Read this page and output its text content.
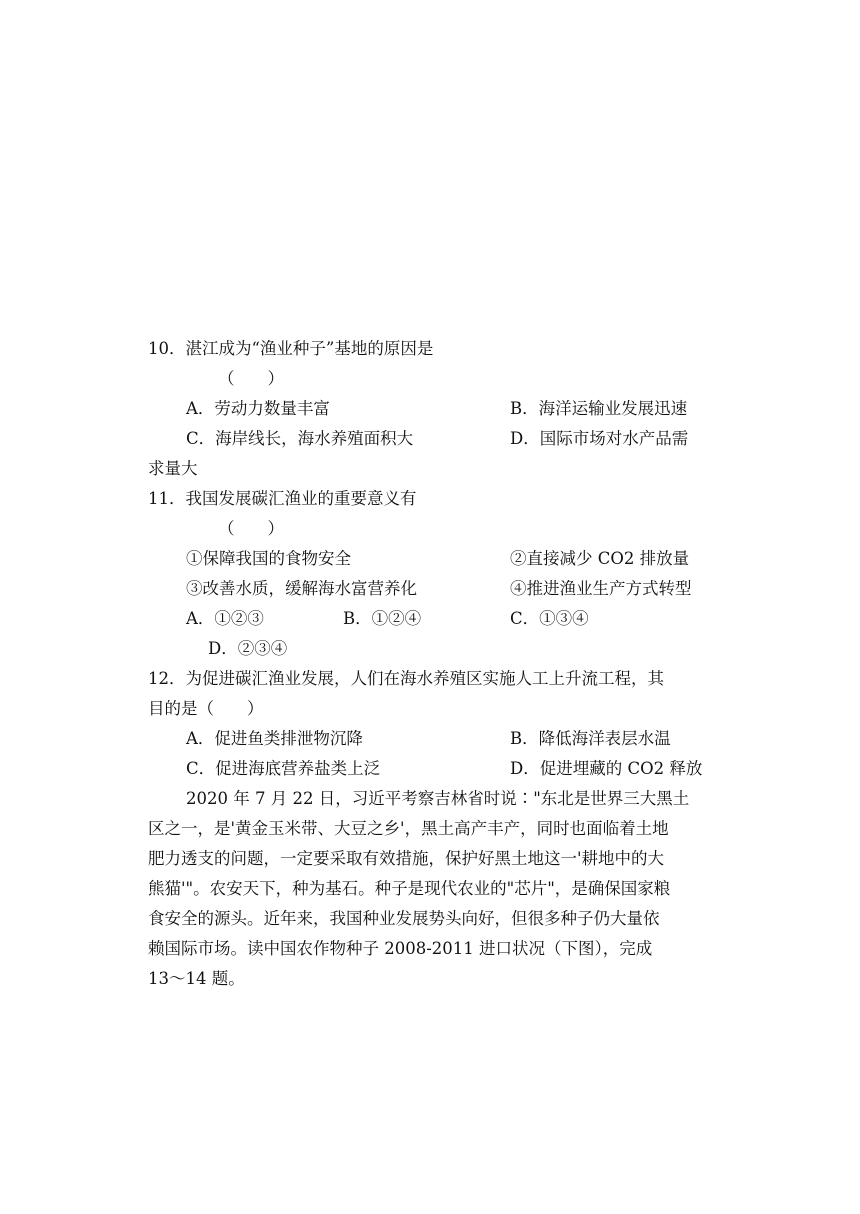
10．湛江成为“渔业种子”基地的原因是
（　　）
A．劳动力数量丰富	B．海洋运输业发展迅速
C．海岸线长，海水养殖面积大	D．国际市场对水产品需
求量大
11．我国发展碳汇渔业的重要意义有
（　　）
①保障我国的食物安全	②直接减少 CO2 排放量
③改善水质，缓解海水富营养化	④推进渔业生产方式转型
A．①②③	B．①②④	C．①③④
D．②③④
12．为促进碳汇渔业发展，人们在海水养殖区实施人工上升流工程，其
目的是（　　）
A．促进鱼类排泄物沉降	B．降低海洋表层水温
C．促进海底营养盐类上泛	D．促进埋藏的 CO2 释放
2020 年 7 月 22 日，习近平考察吉林省时说∶"东北是世界三大黑土
区之一，是'黄金玉米带、大豆之乡'，黑土高产丰产，同时也面临着土地
肥力透支的问题，一定要采取有效措施，保护好黑土地这一'耕地中的大
熊猫'"。农安天下，种为基石。种子是现代农业的"芯片"，是确保国家粮
食安全的源头。近年来，我国种业发展势头向好，但很多种子仍大量依
赖国际市场。读中国农作物种子 2008-2011 进口状况（下图），完成
13～14 题。
